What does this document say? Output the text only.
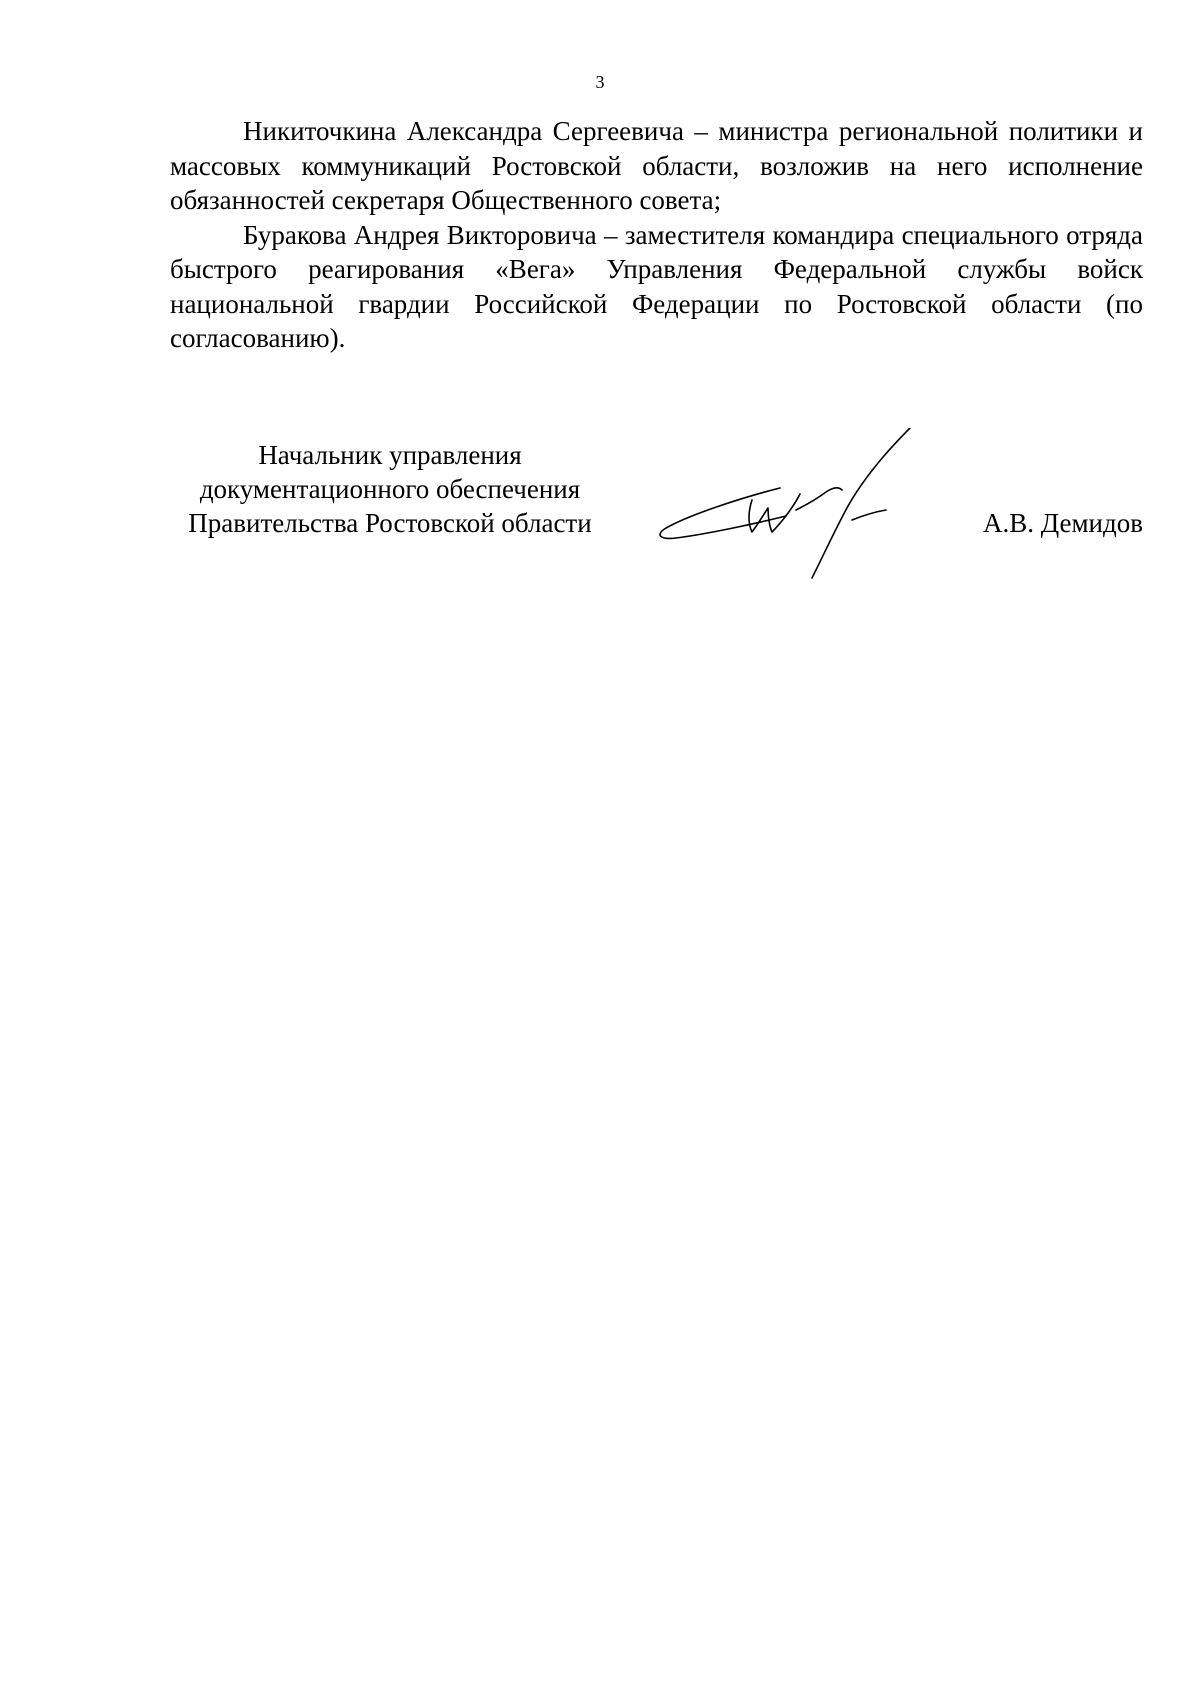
3

Никиточкина Александра Сергеевича – министра региональной политики и массовых коммуникаций Ростовской области, возложив на него исполнение обязанностей секретаря Общественного совета;

Буракова Андрея Викторовича – заместителя командира специального отряда быстрого реагирования «Вега» Управления Федеральной службы войск национальной гвардии Российской Федерации по Ростовской области (по согласованию).

Начальник управления
документационного обеспечения
Правительства Ростовской области	А.В. Демидов
